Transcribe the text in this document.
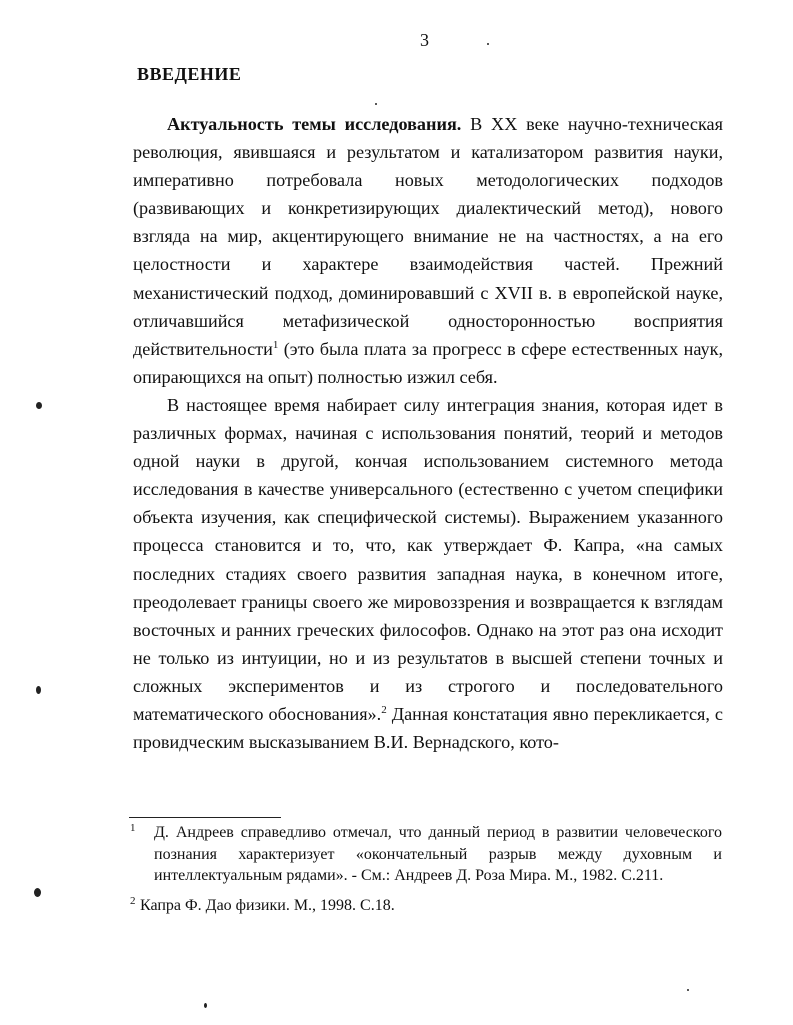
3
ВВЕДЕНИЕ

Актуальность темы исследования. В XX веке научно-техническая революция, явившаяся и результатом и катализатором развития науки, императивно потребовала новых методологических подходов (развивающих и конкретизирующих диалектический метод), нового взгляда на мир, акцентирующего внимание не на частностях, а на его целостности и характере взаимодействия частей. Прежний механистический подход, доминировавший с XVII в. в европейской науке, отличавшийся метафизической односторонностью восприятия действительности$^1$ (это была плата за прогресс в сфере естественных наук, опирающихся на опыт) полностью изжил себя.

В настоящее время набирает силу интеграция знания, которая идет в различных формах, начиная с использования понятий, теорий и методов одной науки в другой, кончая использованием системного метода исследования в качестве универсального (естественно с учетом специфики объекта изучения, как специфической системы). Выражением указанного процесса становится и то, что, как утверждает Ф. Капра, «на самых последних стадиях своего развития западная наука, в конечном итоге, преодолевает границы своего же мировоззрения и возвращается к взглядам восточных и ранних греческих философов. Однако на этот раз она исходит не только из интуиции, но и из результатов в высшей степени точных и сложных экспериментов и из строгого и последовательного математического обоснования».$^2$ Данная констатация явно перекликается, с провидческим высказыванием В.И. Вернадского, кото-

1 Д. Андреев справедливо отмечал, что данный период в развитии человеческого познания характеризует «окончательный разрыв между духовным и интеллектуальным рядами». - См.: Андреев Д. Роза Мира. М., 1982. С.211.
2 Капра Ф. Дао физики. М., 1998. С.18.
